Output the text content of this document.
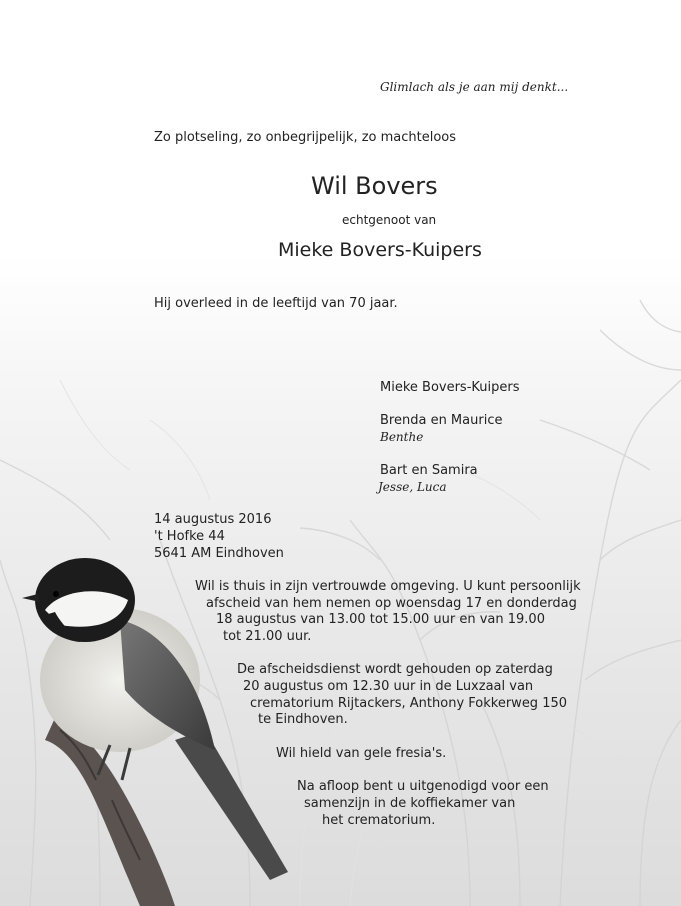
Glimlach als je aan mij denkt...
Zo plotseling, zo onbegrijpelijk, zo machteloos
Wil Bovers
echtgenoot van
Mieke Bovers-Kuipers
Hij overleed in de leeftijd van 70 jaar.
Mieke Bovers-Kuipers
Brenda en Maurice
Benthe
Bart en Samira
Jesse, Luca
14 augustus 2016
't Hofke 44
5641 AM Eindhoven
Wil is thuis in zijn vertrouwde omgeving. U kunt persoonlijk
afscheid van hem nemen op woensdag 17 en donderdag
18 augustus van 13.00 tot 15.00 uur en van 19.00
tot 21.00 uur.
De afscheidsdienst wordt gehouden op zaterdag
20 augustus om 12.30 uur in de Luxzaal van
crematorium Rijtackers, Anthony Fokkerweg 150
te Eindhoven.
Wil hield van gele fresia's.
Na afloop bent u uitgenodigd voor een
samenzijn in de koffiekamer van
het crematorium.
